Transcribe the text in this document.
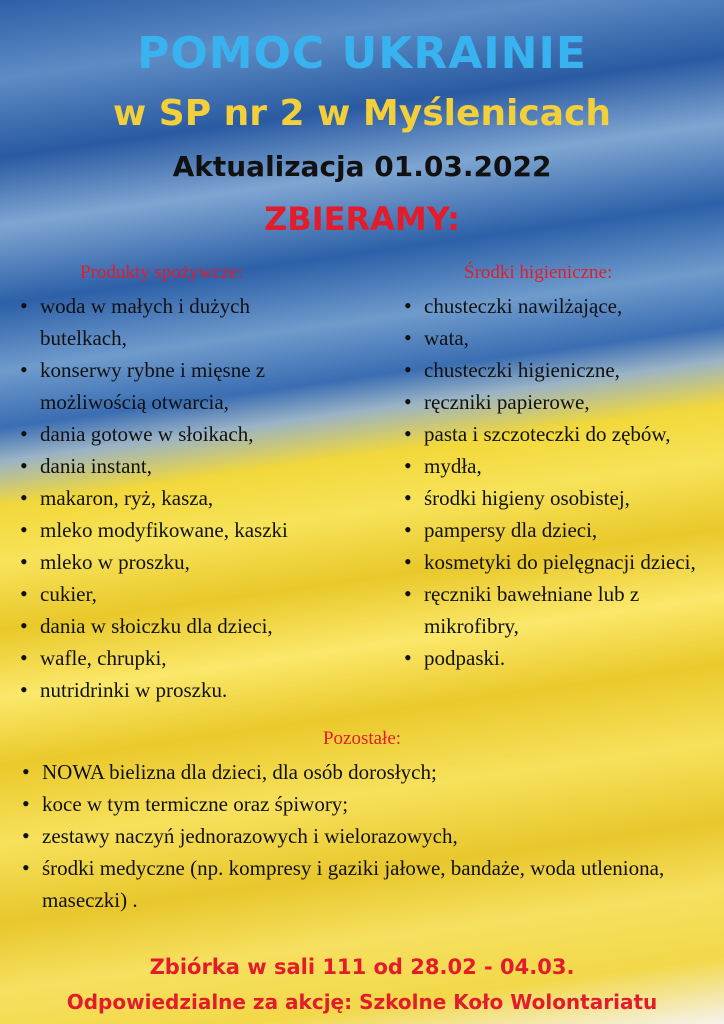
POMOC UKRAINIE
w SP nr 2 w Myślenicach
Aktualizacja 01.03.2022
ZBIERAMY:
Produkty spożywcze:
• woda w małych i dużych butelkach,
• konserwy rybne i mięsne z możliwością otwarcia,
• dania gotowe w słoikach,
• dania instant,
• makaron, ryż, kasza,
• mleko modyfikowane, kaszki
• mleko w proszku,
• cukier,
• dania w słoiczku dla dzieci,
• wafle, chrupki,
• nutridrinki w proszku.
Środki higieniczne:
• chusteczki nawilżające,
• wata,
• chusteczki higieniczne,
• ręczniki papierowe,
• pasta i szczoteczki do zębów,
• mydła,
• środki higieny osobistej,
• pampersy dla dzieci,
• kosmetyki do pielęgnacji dzieci,
• ręczniki bawełniane lub z mikrofibry,
• podpaski.
Pozostałe:
• NOWA bielizna dla dzieci, dla osób dorosłych;
• koce w tym termiczne oraz śpiwory;
• zestawy naczyń jednorazowych i wielorazowych,
• środki medyczne (np. kompresy i gaziki jałowe, bandaże, woda utleniona, maseczki) .
Zbiórka w sali 111 od 28.02 - 04.03.
Odpowiedzialne za akcję: Szkolne Koło Wolontariatu
